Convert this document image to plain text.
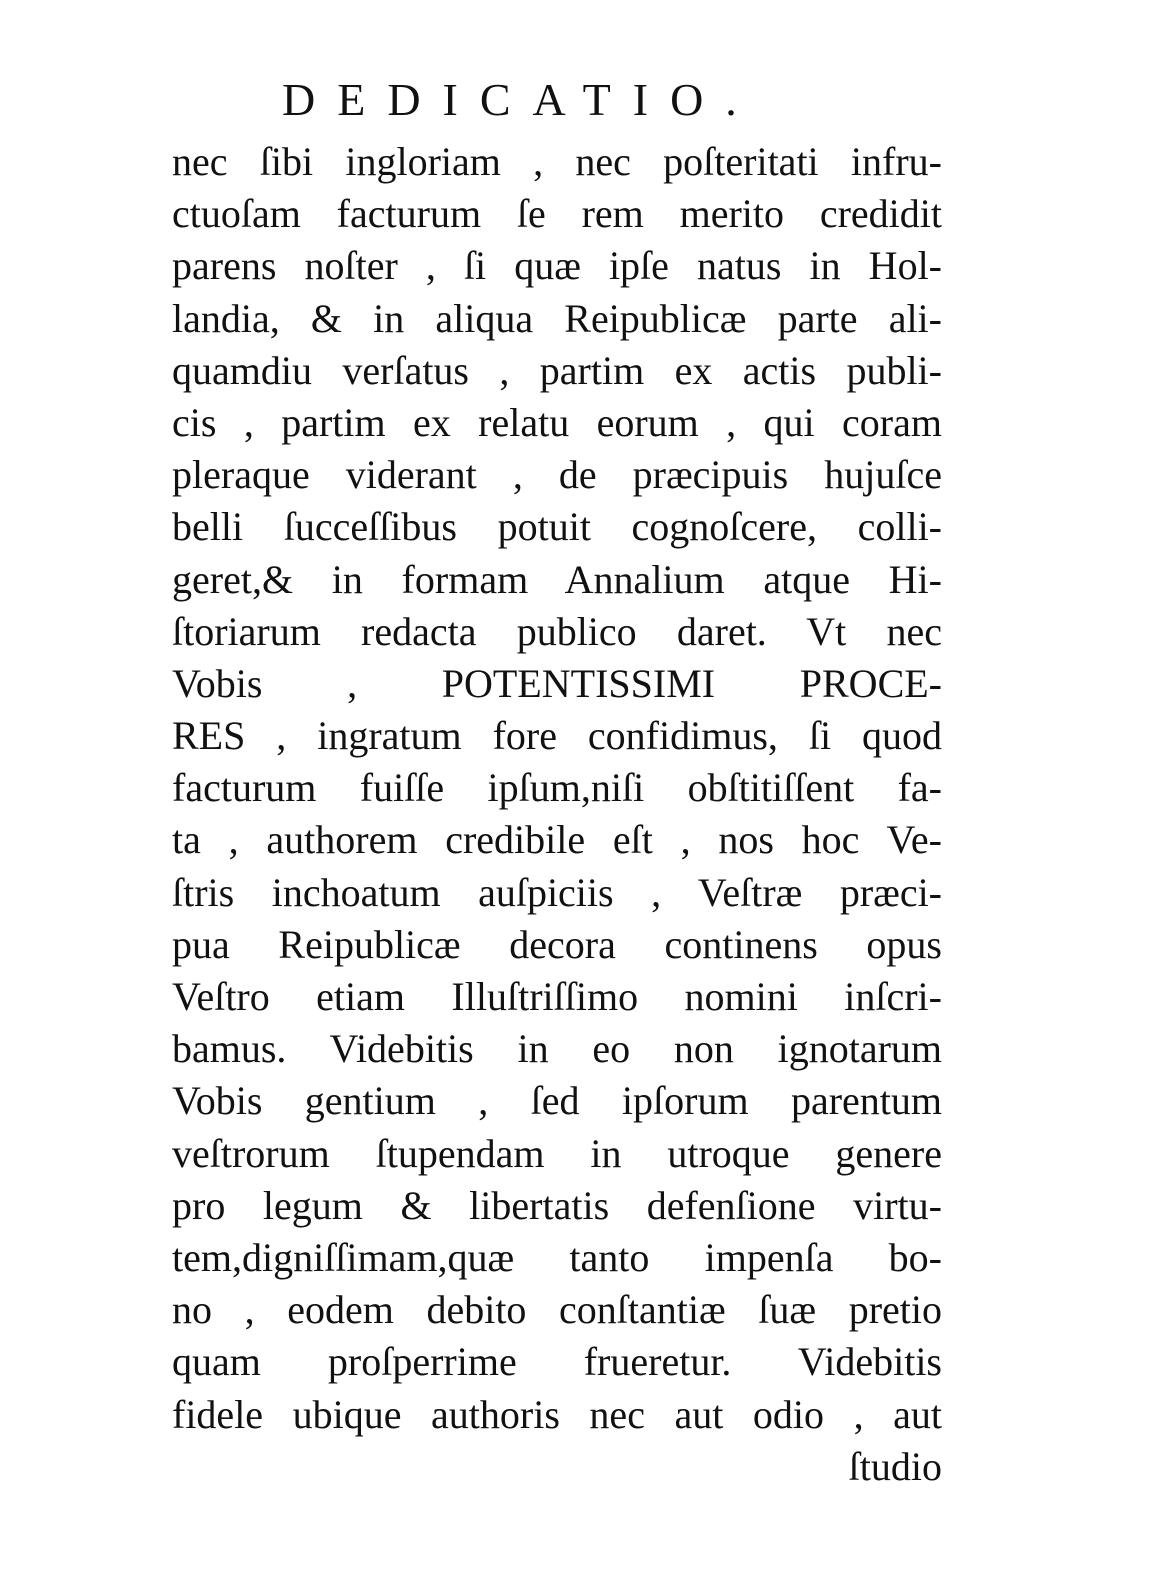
DEDICATIO.
nec ſibi ingloriam , nec poſteritati infru-
ctuoſam facturum ſe rem merito credidit
parens noſter , ſi quæ ipſe natus in Hol-
landia, & in aliqua Reipublicæ parte ali-
quamdiu verſatus , partim ex actis publi-
cis , partim ex relatu eorum , qui coram
pleraque viderant , de præcipuis hujuſce
belli ſucceſſibus potuit cognoſcere, colli-
geret,& in formam Annalium atque Hi-
ſtoriarum redacta publico daret. Vt nec
Vobis , POTENTISSIMI PROCE-
RES , ingratum fore confidimus, ſi quod
facturum fuiſſe ipſum,niſi obſtitiſſent fa-
ta , authorem credibile eſt , nos hoc Ve-
ſtris inchoatum auſpiciis , Veſtræ præci-
pua Reipublicæ decora continens opus
Veſtro etiam Illuſtriſſimo nomini inſcri-
bamus. Videbitis in eo non ignotarum
Vobis gentium , ſed ipſorum parentum
veſtrorum ſtupendam in utroque genere
pro legum & libertatis defenſione virtu-
tem,digniſſimam,quæ tanto impenſa bo-
no , eodem debito conſtantiæ ſuæ pretio
quam proſperrime frueretur. Videbitis
fidele ubique authoris nec aut odio , aut
ſtudio
